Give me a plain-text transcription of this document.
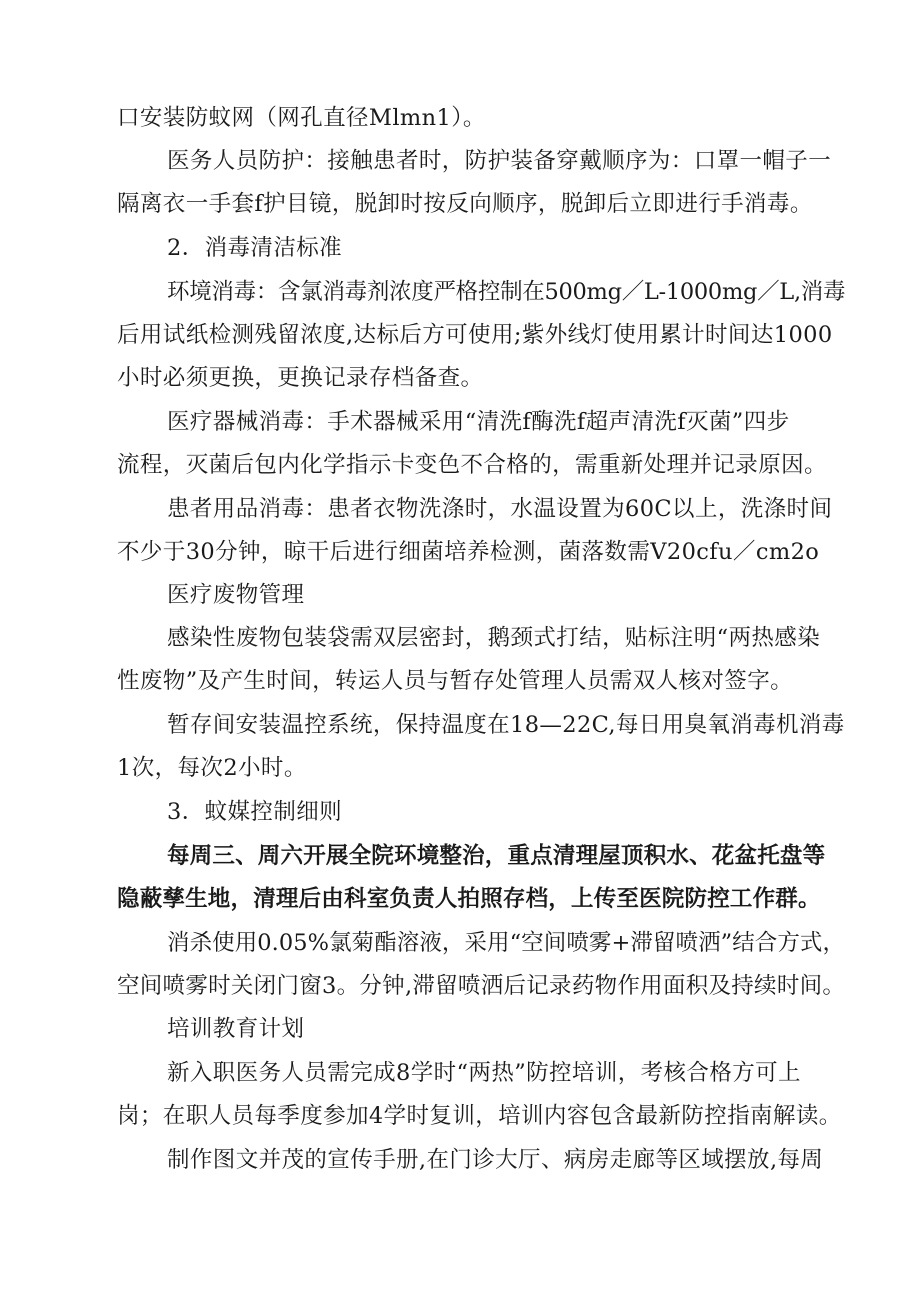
口安装防蚊网（网孔直径Mlmn1）。
医务人员防护：接触患者时，防护装备穿戴顺序为：口罩一帽子一
隔离衣一手套f护目镜，脱卸时按反向顺序，脱卸后立即进行手消毒。
2．消毒清洁标准
环境消毒：含氯消毒剂浓度严格控制在500mg／L-1000mg／L,消毒
后用试纸检测残留浓度,达标后方可使用;紫外线灯使用累计时间达1000
小时必须更换，更换记录存档备查。
医疗器械消毒：手术器械采用“清洗f酶洗f超声清洗f灭菌”四步
流程，灭菌后包内化学指示卡变色不合格的，需重新处理并记录原因。
患者用品消毒：患者衣物洗涤时，水温设置为60C以上，洗涤时间
不少于30分钟，晾干后进行细菌培养检测，菌落数需V20cfu／cm2o
医疗废物管理
感染性废物包装袋需双层密封，鹅颈式打结，贴标注明“两热感染
性废物”及产生时间，转运人员与暂存处管理人员需双人核对签字。
暂存间安装温控系统，保持温度在18—22C,每日用臭氧消毒机消毒
1次，每次2小时。
3．蚊媒控制细则
每周三、周六开展全院环境整治，重点清理屋顶积水、花盆托盘等
隐蔽孳生地，清理后由科室负责人拍照存档，上传至医院防控工作群。
消杀使用0.05%氯菊酯溶液，采用“空间喷雾+滞留喷洒”结合方式，
空间喷雾时关闭门窗3。分钟,滞留喷洒后记录药物作用面积及持续时间。
培训教育计划
新入职医务人员需完成8学时“两热”防控培训，考核合格方可上
岗；在职人员每季度参加4学时复训，培训内容包含最新防控指南解读。
制作图文并茂的宣传手册,在门诊大厅、病房走廊等区域摆放,每周
